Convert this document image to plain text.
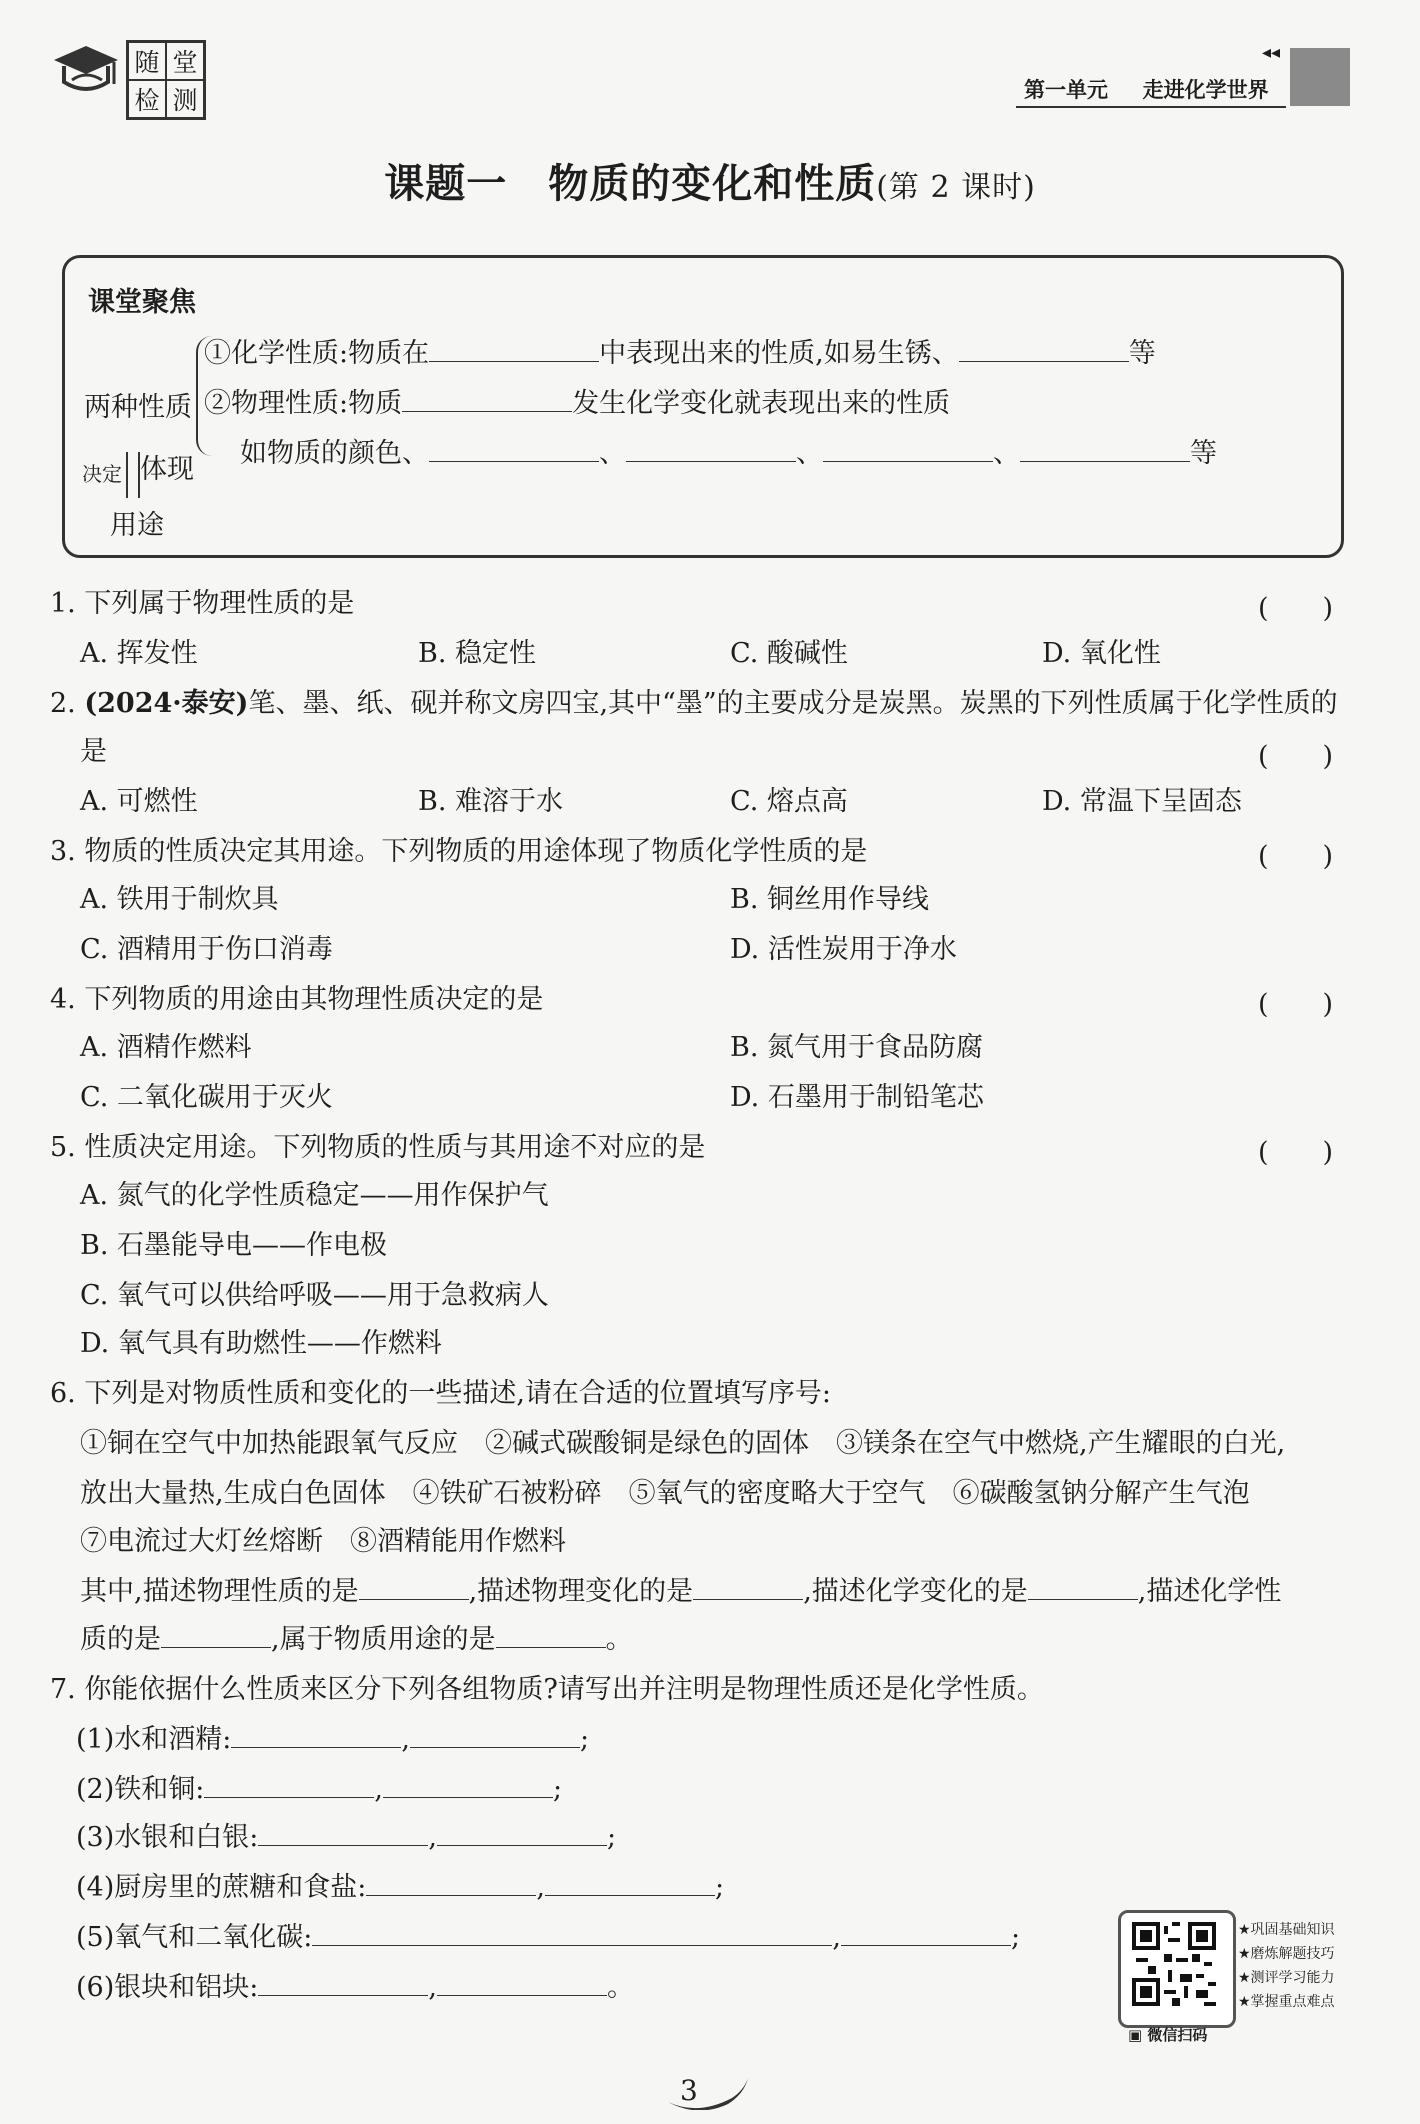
随 堂
检 测
◂◂
第一单元 走进化学世界
课题一　物质的变化和性质(第 2 课时)
课堂聚焦
两种性质
决定 体现
用途
①化学性质:物质在	中表现出来的性质,如易生锈、	等
②物理性质:物质	发生化学变化就表现出来的性质
如物质的颜色、	、	、	、	等
1. 下列属于物理性质的是	(　　)
A. 挥发性	B. 稳定性	C. 酸碱性	D. 氧化性
2. (2024·泰安)笔、墨、纸、砚并称文房四宝,其中“墨”的主要成分是炭黑。炭黑的下列性质属于化学性质的
是	(　　)
A. 可燃性	B. 难溶于水	C. 熔点高	D. 常温下呈固态
3. 物质的性质决定其用途。下列物质的用途体现了物质化学性质的是	(　　)
A. 铁用于制炊具	B. 铜丝用作导线
C. 酒精用于伤口消毒	D. 活性炭用于净水
4. 下列物质的用途由其物理性质决定的是	(　　)
A. 酒精作燃料	B. 氮气用于食品防腐
C. 二氧化碳用于灭火	D. 石墨用于制铅笔芯
5. 性质决定用途。下列物质的性质与其用途不对应的是	(　　)
A. 氮气的化学性质稳定——用作保护气
B. 石墨能导电——作电极
C. 氧气可以供给呼吸——用于急救病人
D. 氧气具有助燃性——作燃料
6. 下列是对物质性质和变化的一些描述,请在合适的位置填写序号:
①铜在空气中加热能跟氧气反应　②碱式碳酸铜是绿色的固体　③镁条在空气中燃烧,产生耀眼的白光,
放出大量热,生成白色固体　④铁矿石被粉碎　⑤氧气的密度略大于空气　⑥碳酸氢钠分解产生气泡
⑦电流过大灯丝熔断　⑧酒精能用作燃料
其中,描述物理性质的是	,描述物理变化的是	,描述化学变化的是	,描述化学性
质的是	,属于物质用途的是	。
7. 你能依据什么性质来区分下列各组物质?请写出并注明是物理性质还是化学性质。
(1)水和酒精:	,	;
(2)铁和铜:	,	;
(3)水银和白银:	,	;
(4)厨房里的蔗糖和食盐:	,	;
(5)氧气和二氧化碳:	,	;
(6)银块和铝块:	,	。
★巩固基础知识
★磨炼解题技巧
★测评学习能力
★掌握重点难点
▣ 微信扫码
3
